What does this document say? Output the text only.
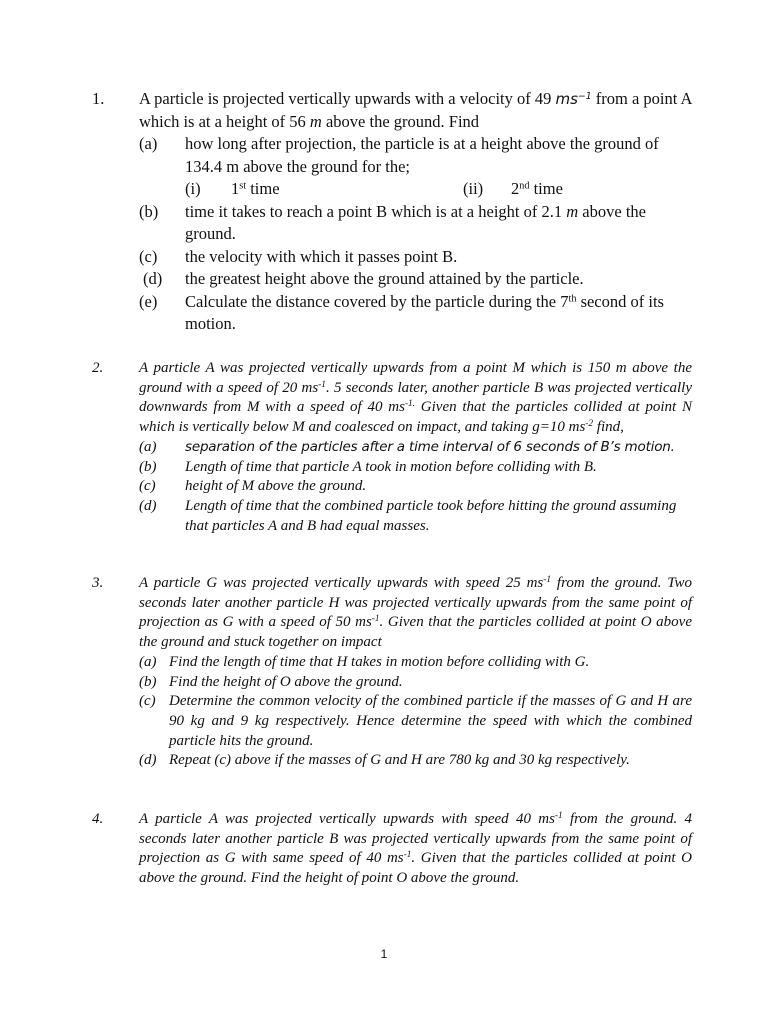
1. A particle is projected vertically upwards with a velocity of 49 $ms^{-1}$ from a point A which is at a height of 56 m above the ground. Find
(a)	how long after projection, the particle is at a height above the ground of 134.4 m above the ground for the;
(i)	1st time	(ii)	2nd time
(b)	time it takes to reach a point B which is at a height of 2.1 m above the ground.
(c)	the velocity with which it passes point B.
(d)	the greatest height above the ground attained by the particle.
(e)	Calculate the distance covered by the particle during the 7th second of its motion.
2. A particle A was projected vertically upwards from a point M which is 150 m above the ground with a speed of 20 $ms^{-1}$. 5 seconds later, another particle B was projected vertically downwards from M with a speed of 40 $ms^{-1.}$ Given that the particles collided at point N which is vertically below M and coalesced on impact, and taking g=10 $ms^{-2}$ find,
(a)	separation of the particles after a time interval of 6 seconds of B’s motion.
(b)	Length of time that particle A took in motion before colliding with B.
(c)	height of M above the ground.
(d)	Length of time that the combined particle took before hitting the ground assuming that particles A and B had equal masses.
3. A particle G was projected vertically upwards with speed 25 $ms^{-1}$ from the ground. Two seconds later another particle H was projected vertically upwards from the same point of projection as G with a speed of 50 $ms^{-1}$. Given that the particles collided at point O above the ground and stuck together on impact
(a) Find the length of time that H takes in motion before colliding with G.
(b) Find the height of O above the ground.
(c) Determine the common velocity of the combined particle if the masses of G and H are 90 kg and 9 kg respectively. Hence determine the speed with which the combined particle hits the ground.
(d) Repeat (c) above if the masses of G and H are 780 kg and 30 kg respectively.
4. A particle A was projected vertically upwards with speed 40 $ms^{-1}$ from the ground. 4 seconds later another particle B was projected vertically upwards from the same point of projection as G with same speed of 40 $ms^{-1}$. Given that the particles collided at point O above the ground. Find the height of point O above the ground.
1
